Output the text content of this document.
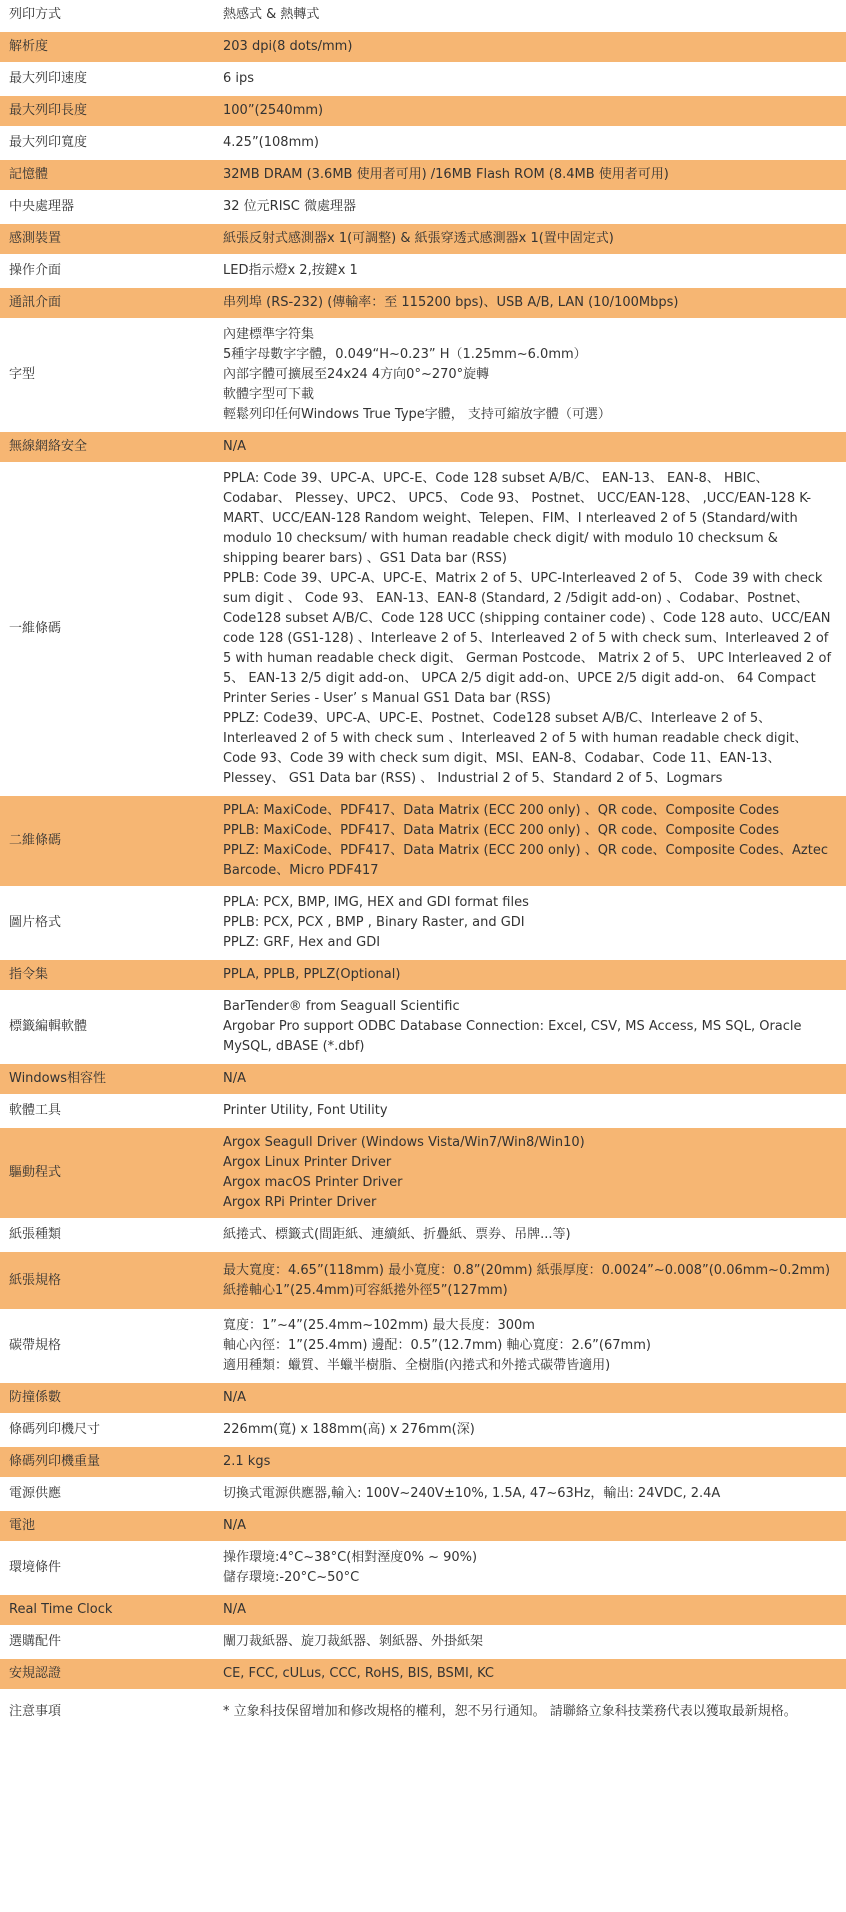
列印方式	熱感式 & 熱轉式

解析度	203 dpi(8 dots/mm)

最大列印速度	6 ips

最大列印長度	100”(2540mm)

最大列印寬度	4.25”(108mm)

記憶體	32MB DRAM (3.6MB 使用者可用) /16MB Flash ROM (8.4MB 使用者可用)

中央處理器	32 位元RISC 微處理器

感測裝置	紙張反射式感測器x 1(可調整) & 紙張穿透式感測器x 1(置中固定式)

操作介面	LED指示燈x 2,按鍵x 1

通訊介面	串列埠 (RS-232) (傳輸率：至 115200 bps)、USB A/B, LAN (10/100Mbps)

字型	內建標準字符集
5種字母數字字體，0.049“H~0.23” H（1.25mm~6.0mm）
內部字體可擴展至24x24 4方向0°~270°旋轉
軟體字型可下載
輕鬆列印任何Windows True Type字體， 支持可縮放字體（可選）

無線網絡安全	N/A

一維條碼	PPLA: Code 39、UPC-A、UPC-E、Code 128 subset A/B/C、 EAN-13、 EAN-8、 HBIC、Codabar、 Plessey、UPC2、 UPC5、 Code 93、 Postnet、 UCC/EAN-128、 ,UCC/EAN-128 K-MART、UCC/EAN-128 Random weight、Telepen、FIM、I nterleaved 2 of 5 (Standard/with modulo 10 checksum/ with human readable check digit/ with modulo 10 checksum & shipping bearer bars) 、GS1 Data bar (RSS)
PPLB: Code 39、UPC-A、UPC-E、Matrix 2 of 5、UPC-Interleaved 2 of 5、 Code 39 with check sum digit 、 Code 93、 EAN-13、EAN-8 (Standard, 2 /5digit add-on) 、Codabar、Postnet、Code128 subset A/B/C、Code 128 UCC (shipping container code) 、Code 128 auto、UCC/EAN code 128 (GS1-128) 、Interleave 2 of 5、Interleaved 2 of 5 with check sum、Interleaved 2 of 5 with human readable check digit、 German Postcode、 Matrix 2 of 5、 UPC Interleaved 2 of 5、 EAN-13 2/5 digit add-on、 UPCA 2/5 digit add-on、UPCE 2/5 digit add-on、 64 Compact Printer Series - User’ s Manual GS1 Data bar (RSS)
PPLZ: Code39、UPC-A、UPC-E、Postnet、Code128 subset A/B/C、Interleave 2 of 5、Interleaved 2 of 5 with check sum 、Interleaved 2 of 5 with human readable check digit、Code 93、Code 39 with check sum digit、MSI、EAN-8、Codabar、Code 11、EAN-13、Plessey、 GS1 Data bar (RSS) 、 Industrial 2 of 5、Standard 2 of 5、Logmars

二維條碼	PPLA: MaxiCode、PDF417、Data Matrix (ECC 200 only) 、QR code、Composite Codes
PPLB: MaxiCode、PDF417、Data Matrix (ECC 200 only) 、QR code、Composite Codes
PPLZ: MaxiCode、PDF417、Data Matrix (ECC 200 only) 、QR code、Composite Codes、Aztec Barcode、Micro PDF417

圖片格式	PPLA: PCX, BMP, IMG, HEX and GDI format files
PPLB: PCX, PCX , BMP , Binary Raster, and GDI
PPLZ: GRF, Hex and GDI

指令集	PPLA, PPLB, PPLZ(Optional)

標籤編輯軟體	BarTender® from Seaguall Scientific
Argobar Pro support ODBC Database Connection: Excel, CSV, MS Access, MS SQL, Oracle MySQL, dBASE (*.dbf)

Windows相容性	N/A

軟體工具	Printer Utility, Font Utility

驅動程式	Argox Seagull Driver (Windows Vista/Win7/Win8/Win10)
Argox Linux Printer Driver
Argox macOS Printer Driver
Argox RPi Printer Driver

紙張種類	紙捲式、標籤式(間距紙、連續紙、折疊紙、票券、吊牌...等)

紙張規格	最大寬度：4.65”(118mm) 最小寬度：0.8”(20mm) 紙張厚度：0.0024”~0.008”(0.06mm~0.2mm)
紙捲軸心1”(25.4mm)可容紙捲外徑5”(127mm)

碳帶規格	寬度：1”~4”(25.4mm~102mm) 最大長度：300m
軸心內徑：1”(25.4mm) 邊配：0.5”(12.7mm) 軸心寬度：2.6”(67mm)
適用種類：蠟質、半蠟半樹脂、全樹脂(內捲式和外捲式碳帶皆適用)

防撞係數	N/A

條碼列印機尺寸	226mm(寬) x 188mm(高) x 276mm(深)

條碼列印機重量	2.1 kgs

電源供應	切換式電源供應器,輸入: 100V~240V±10%, 1.5A, 47~63Hz，輸出: 24VDC, 2.4A

電池	N/A

環境條件	操作環境:4°C~38°C(相對溼度0% ~ 90%)
儲存環境:-20°C~50°C

Real Time Clock	N/A

選購配件	闡刀裁紙器、旋刀裁紙器、剝紙器、外掛紙架

安規認證	CE, FCC, cULus, CCC, RoHS, BIS, BSMI, KC

注意事項	* 立象科技保留增加和修改規格的權利，恕不另行通知。 請聯絡立象科技業務代表以獲取最新規格。
